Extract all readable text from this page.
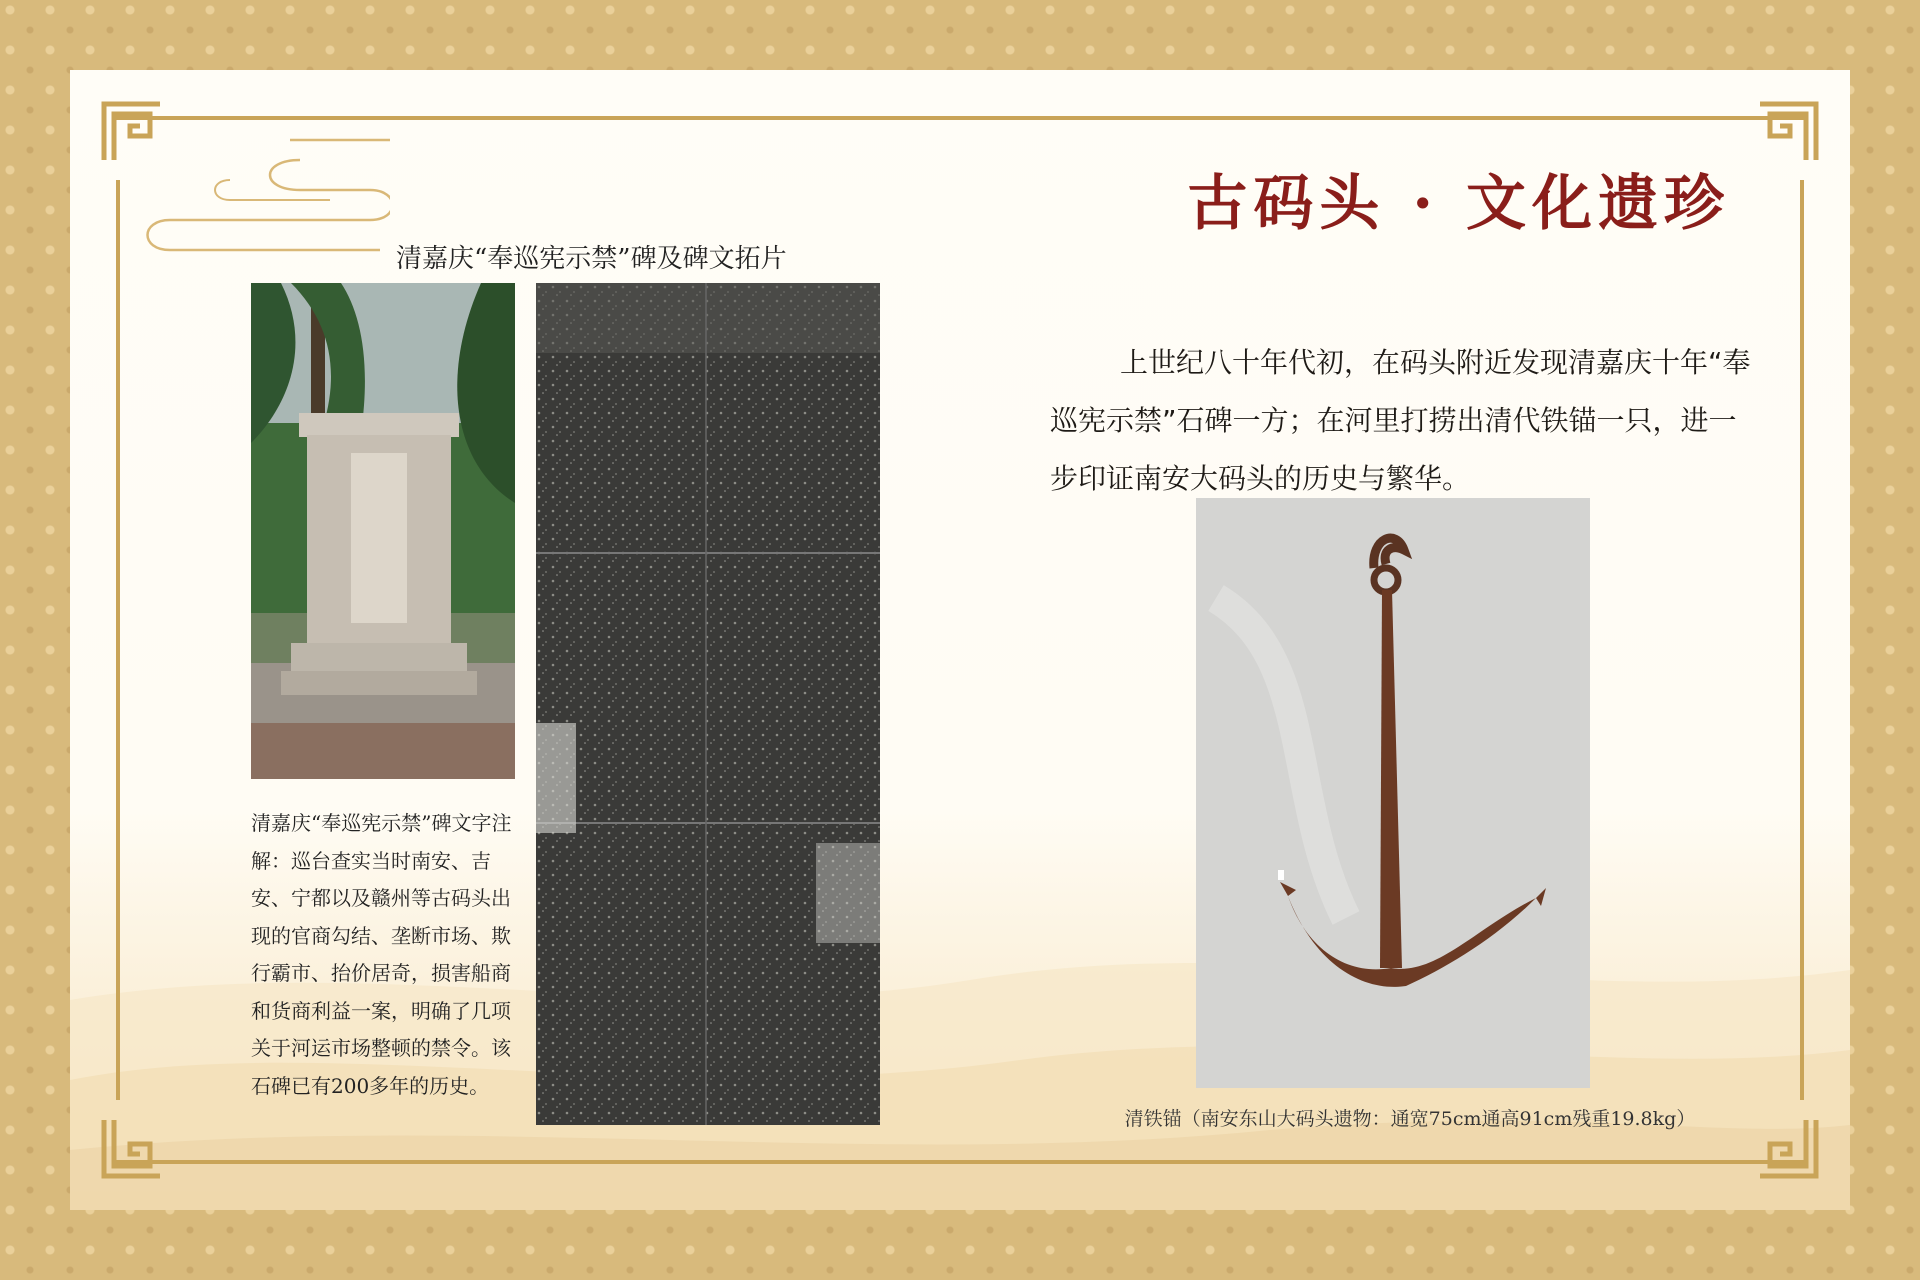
古码头 · 文化遗珍

上世纪八十年代初，在码头附近发现清嘉庆十年“奉巡宪示禁”石碑一方；在河里打捞出清代铁锚一只，进一步印证南安大码头的历史与繁华。

清嘉庆“奉巡宪示禁”碑及碑文拓片

清嘉庆“奉巡宪示禁”碑文字注解：巡台查实当时南安、吉安、宁都以及赣州等古码头出现的官商勾结、垄断市场、欺行霸市、抬价居奇，损害船商和货商利益一案，明确了几项关于河运市场整顿的禁令。该石碑已有200多年的历史。

清铁锚（南安东山大码头遗物：通宽75cm通高91cm残重19.8kg）
